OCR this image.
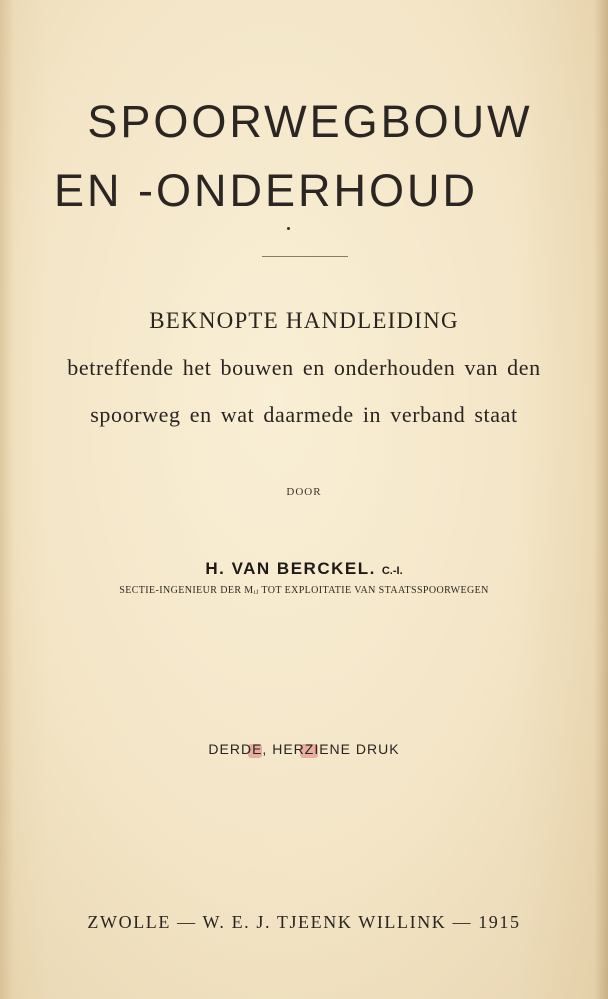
SPOORWEGBOUW
EN -ONDERHOUD
BEKNOPTE HANDLEIDING
betreffende het bouwen en onderhouden van den
spoorweg en wat daarmede in verband staat
DOOR
H. VAN BERCKEL. C.-I.
SECTIE-INGENIEUR DER Mᵢⱼ TOT EXPLOITATIE VAN STAATSSPOORWEGEN
DERDE, HERZIENE DRUK
ZWOLLE — W. E. J. TJEENK WILLINK — 1915
